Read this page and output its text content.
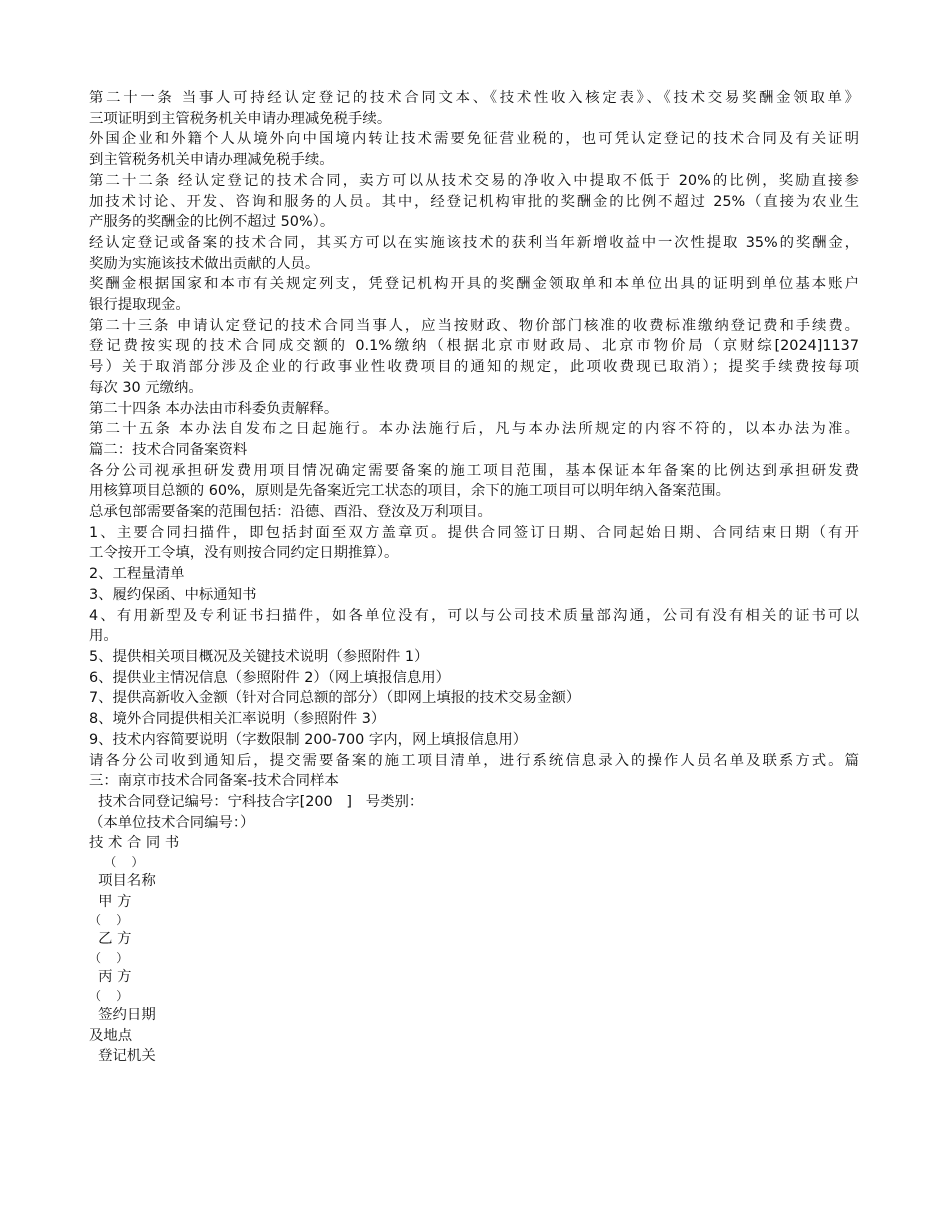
第二十一条 当事人可持经认定登记的技术合同文本、《技术性收入核定表》、《技术交易奖酬金领取单》

三项证明到主管税务机关申请办理减免税手续。

外国企业和外籍个人从境外向中国境内转让技术需要免征营业税的，也可凭认定登记的技术合同及有关证明

到主管税务机关申请办理减免税手续。

第二十二条 经认定登记的技术合同，卖方可以从技术交易的净收入中提取不低于 20%的比例，奖励直接参

加技术讨论、开发、咨询和服务的人员。其中，经登记机构审批的奖酬金的比例不超过 25%（直接为农业生

产服务的奖酬金的比例不超过 50%）。

经认定登记或备案的技术合同，其买方可以在实施该技术的获利当年新增收益中一次性提取 35%的奖酬金，

奖励为实施该技术做出贡献的人员。

奖酬金根据国家和本市有关规定列支，凭登记机构开具的奖酬金领取单和本单位出具的证明到单位基本账户

银行提取现金。

第二十三条 申请认定登记的技术合同当事人，应当按财政、物价部门核准的收费标准缴纳登记费和手续费。

登记费按实现的技术合同成交额的 0.1%缴纳（根据北京市财政局、北京市物价局（京财综[2024]1137

号）关于取消部分涉及企业的行政事业性收费项目的通知的规定，此项收费现已取消）；提奖手续费按每项

每次 30 元缴纳。

第二十四条 本办法由市科委负责解释。

第二十五条 本办法自发布之日起施行。本办法施行后，凡与本办法所规定的内容不符的，以本办法为准。

篇二：技术合同备案资料

各分公司视承担研发费用项目情况确定需要备案的施工项目范围，基本保证本年备案的比例达到承担研发费

用核算项目总额的 60%，原则是先备案近完工状态的项目，余下的施工项目可以明年纳入备案范围。

总承包部需要备案的范围包括：沿德、酉沿、登汝及万利项目。

1、主要合同扫描件，即包括封面至双方盖章页。提供合同签订日期、合同起始日期、合同结束日期（有开

工令按开工令填，没有则按合同约定日期推算）。

2、工程量清单

3、履约保函、中标通知书

4、有用新型及专利证书扫描件，如各单位没有，可以与公司技术质量部沟通，公司有没有相关的证书可以

用。

5、提供相关项目概况及关键技术说明（参照附件 1）

6、提供业主情况信息（参照附件 2）（网上填报信息用）

7、提供高新收入金额（针对合同总额的部分）（即网上填报的技术交易金额）

8、境外合同提供相关汇率说明（参照附件 3）

9、技术内容简要说明（字数限制 200-700 字内，网上填报信息用）

请各分公司收到通知后，提交需要备案的施工项目清单，进行系统信息录入的操作人员名单及联系方式。篇

三：南京市技术合同备案-技术合同样本

技术合同登记编号：宁科技合字[200   ]   号类别：

（本单位技术合同编号：）

技 术 合 同 书

（    ）

项目名称

甲 方

（    ）

乙 方

（    ）

丙 方

（    ）

签约日期

及地点

登记机关
